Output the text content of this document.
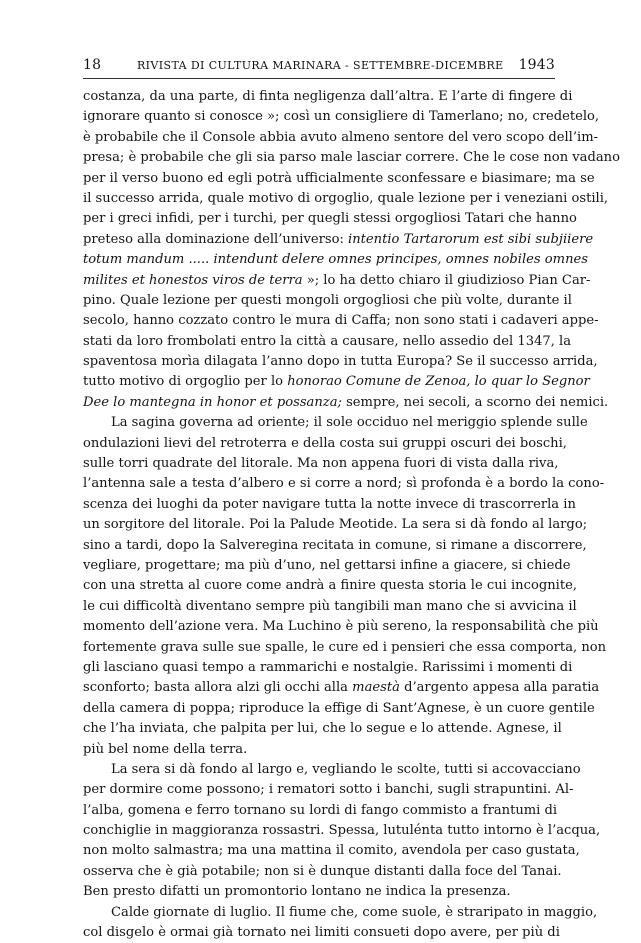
18	RIVISTA DI CULTURA MARINARA - SETTEMBRE-DICEMBRE 1943
costanza, da una parte, di finta negligenza dall’altra. E l’arte di fingere di
ignorare quanto si conosce »; così un consigliere di Tamerlano; no, credetelo,
è probabile che il Console abbia avuto almeno sentore del vero scopo dell’im-
presa; è probabile che gli sia parso male lasciar correre. Che le cose non vadano
per il verso buono ed egli potrà ufficialmente sconfessare e biasimare; ma se
il successo arrida, quale motivo di orgoglio, quale lezione per i veneziani ostili,
per i greci infidi, per i turchi, per quegli stessi orgogliosi Tatari che hanno
preteso alla dominazione dell’universo: intentio Tartarorum est sibi subjiiere
totum mandum ..... intendunt delere omnes principes, omnes nobiles omnes
milites et honestos viros de terra »; lo ha detto chiaro il giudizioso Pian Car-
pino. Quale lezione per questi mongoli orgogliosi che più volte, durante il
secolo, hanno cozzato contro le mura di Caffa; non sono stati i cadaveri appe-
stati da loro frombolati entro la città a causare, nello assedio del 1347, la
spaventosa morìa dilagata l’anno dopo in tutta Europa? Se il successo arrida,
tutto motivo di orgoglio per lo honorao Comune de Zenoa, lo quar lo Segnor
Dee lo mantegna in honor et possanza; sempre, nei secoli, a scorno dei nemici.
La sagina governa ad oriente; il sole occiduo nel meriggio splende sulle
ondulazioni lievi del retroterra e della costa sui gruppi oscuri dei boschi,
sulle torri quadrate del litorale. Ma non appena fuori di vista dalla riva,
l’antenna sale a testa d’albero e si corre a nord; sì profonda è a bordo la cono-
scenza dei luoghi da poter navigare tutta la notte invece di trascorrerla in
un sorgitore del litorale. Poi la Palude Meotide. La sera si dà fondo al largo;
sino a tardi, dopo la Salveregina recitata in comune, si rimane a discorrere,
vegliare, progettare; ma più d’uno, nel gettarsi infine a giacere, si chiede
con una stretta al cuore come andrà a finire questa storia le cui incognite,
le cui difficoltà diventano sempre più tangibili man mano che si avvicina il
momento dell’azione vera. Ma Luchino è più sereno, la responsabilità che più
fortemente grava sulle sue spalle, le cure ed i pensieri che essa comporta, non
gli lasciano quasi tempo a rammarichi e nostalgie. Rarissimi i momenti di
sconforto; basta allora alzi gli occhi alla maestà d’argento appesa alla paratia
della camera di poppa; riproduce la effige di Sant’Agnese, è un cuore gentile
che l’ha inviata, che palpita per lui, che lo segue e lo attende. Agnese, il
più bel nome della terra.
La sera si dà fondo al largo e, vegliando le scolte, tutti si accovacciano
per dormire come possono; i rematori sotto i banchi, sugli strapuntini. Al-
l’alba, gomena e ferro tornano su lordi di fango commisto a frantumi di
conchiglie in maggioranza rossastri. Spessa, lutulénta tutto intorno è l’acqua,
non molto salmastra; ma una mattina il comito, avendola per caso gustata,
osserva che è già potabile; non si è dunque distanti dalla foce del Tanai.
Ben presto difatti un promontorio lontano ne indica la presenza.
Calde giornate di luglio. Il fiume che, come suole, è straripato in maggio,
col disgelo è ormai già tornato nei limiti consueti dopo avere, per più di
